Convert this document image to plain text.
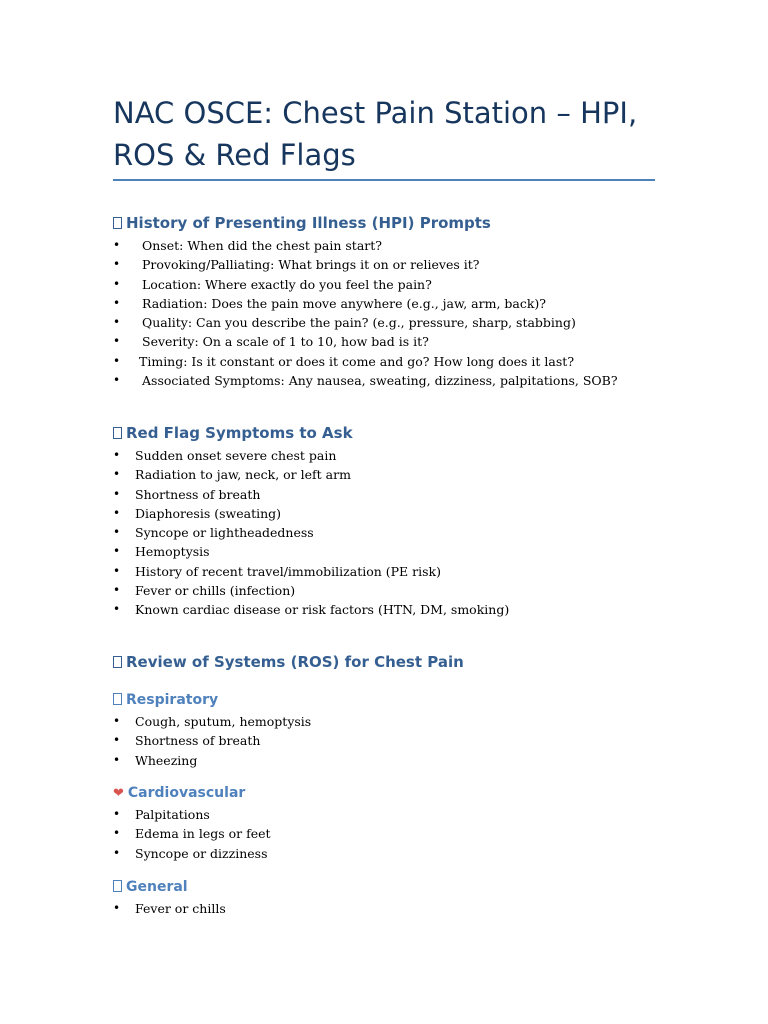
NAC OSCE: Chest Pain Station – HPI, ROS & Red Flags
History of Presenting Illness (HPI) Prompts
• Onset: When did the chest pain start?
• Provoking/Palliating: What brings it on or relieves it?
• Location: Where exactly do you feel the pain?
• Radiation: Does the pain move anywhere (e.g., jaw, arm, back)?
• Quality: Can you describe the pain? (e.g., pressure, sharp, stabbing)
• Severity: On a scale of 1 to 10, how bad is it?
• Timing: Is it constant or does it come and go? How long does it last?
• Associated Symptoms: Any nausea, sweating, dizziness, palpitations, SOB?
Red Flag Symptoms to Ask
• Sudden onset severe chest pain
• Radiation to jaw, neck, or left arm
• Shortness of breath
• Diaphoresis (sweating)
• Syncope or lightheadedness
• Hemoptysis
• History of recent travel/immobilization (PE risk)
• Fever or chills (infection)
• Known cardiac disease or risk factors (HTN, DM, smoking)
Review of Systems (ROS) for Chest Pain
Respiratory
• Cough, sputum, hemoptysis
• Shortness of breath
• Wheezing
❤ Cardiovascular
• Palpitations
• Edema in legs or feet
• Syncope or dizziness
General
• Fever or chills
